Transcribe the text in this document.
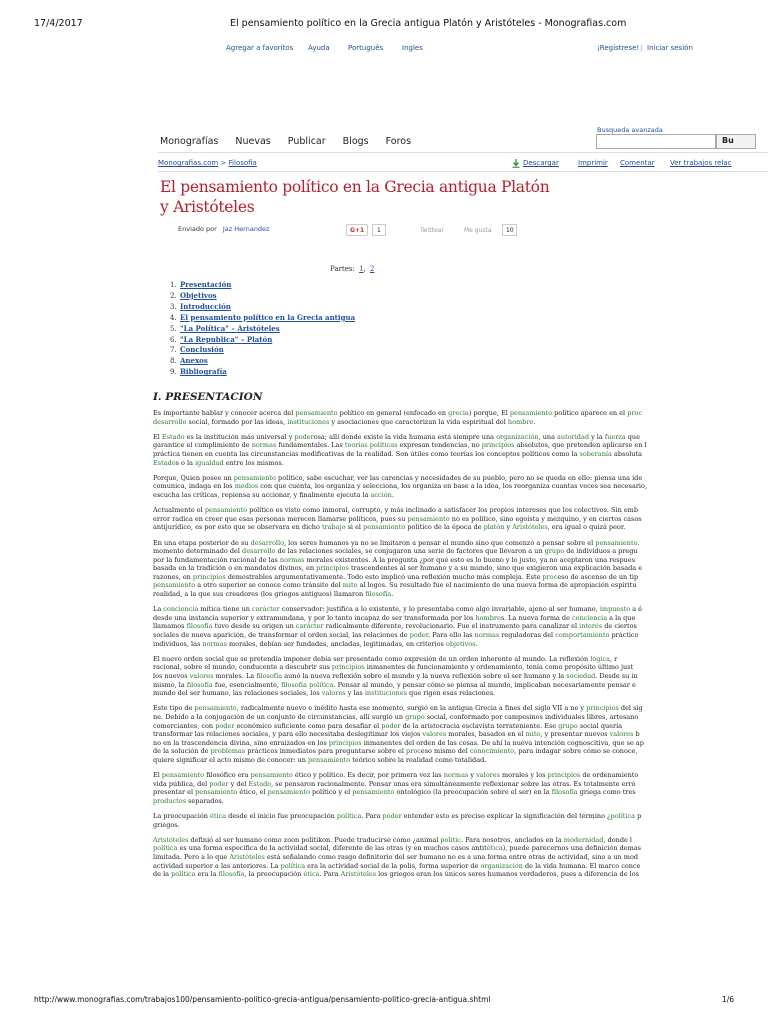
17/4/2017	El pensamiento político en la Grecia antigua Platón y Aristóteles - Monografias.com
Agregar a favoritos Ayuda	Português	Ingles	¡Regístrese! | Iniciar sesión
Monografías Nuevas Publicar Blogs Foros
Busqueda avanzada
Bu
Monografias.com > Filosofia	Descargar	Imprimir Comentar Ver trabajos relac
El pensamiento político en la Grecia antigua Platón y Aristóteles
Enviado por Jaz Hernandez	G+1	1	Twittear	Me gusta	10
Partes: 1, 2
1. Presentación
2. Objetivos
3. Introducción
4. El pensamiento político en la Grecia antigua
5. "La Política" – Aristóteles
6. "La Republica" – Platón
7. Conclusión
8. Anexos
9. Bibliografía
I. PRESENTACION

Es importante hablar y conocer acerca del pensamiento político en general (enfocado en grecia) porque, El pensamiento político aparece en el proc
desarrollo social, formado por las ideas, instituciones y asociaciones que caracterizan la vida espiritual del hombre.

El Estado es la institución más universal y poderosa; allí donde existe la vida humana está siempre una organización, una autoridad y la fuerza que
garantice el cumplimiento de normas fundamentales. Las teorías políticas expresan tendencias, no principios absolutos, que pretenden aplicarse en l
práctica tienen en cuenta las circunstancias modificativas de la realidad. Son útiles como teorías los conceptos políticos como la soberanía absoluta
Estados o la igualdad entre los mismos.

Porque, Quien posee un pensamiento político, sabe escuchar, ver las carencias y necesidades de su pueblo, pero no se queda en ello: piensa una ide
comunica, indaga en los medios con que cuenta, los organiza y selecciona, los organiza en base a la idea, los reorganiza cuantas veces sea necesario,
escucha las críticas, repiensa su accionar, y finalmente ejecuta la acción.

Actualmente el pensamiento político es visto como inmoral, corrupto, y más inclinado a satisfacer los propios intereses que los colectivos. Sin emb
error radica en creer que esas personas merecen llamarse políticos, pues su pensamiento no es político, sino egoísta y mezquino, y en ciertos casos
antijurídico, es por esto que se observara en dicho trabajo si el pensamiento político de la época de platón y Aristóteles, era igual o quizá peor.

En una etapa posterior de su desarrollo, los seres humanos ya no se limitaron a pensar el mundo sino que comenzó a pensar sobre el pensamiento.
momento determinado del desarrollo de las relaciones sociales, se conjugaron una serie de factores que llevaron a un grupo de individuos a pregu
por la fundamentación racional de las normas morales existentes. A la pregunta ¿por qué esto es lo bueno y lo justo, ya no aceptaron una respues
basada en la tradición o en mandatos divinos, en principios trascendentes al ser humano y a su mundo, sino que exigieron una explicación basada e
razones, en principios demostrables argumentativamente. Todo esto implicó una reflexión mucho más compleja. Este proceso de ascenso de un tip
pensamiento a otro superior se conoce como tránsito del mito al logos. Su resultado fue el nacimiento de una nueva forma de apropiación espiritu
realidad, a la que sus creadores (los griegos antiguos) llamaron filosofía.

La conciencia mítica tiene un carácter conservador: justifica a lo existente, y lo presentaba como algo invariable, ajeno al ser humano, impuesto a é
desde una instancia superior y extramundana, y por lo tanto incapaz de ser transformada por los hombres. La nueva forma de conciencia a la que
llamamos filosofía tuvo desde su origen un carácter radicalmente diferente, revolucionario. Fue el instrumento para canalizar el interés de ciertos
sociales de nueva aparición, de transformar el orden social, las relaciones de poder. Para ello las normas reguladoras del comportamiento práctico
individuos, las normas morales, debían ser fundadas, ancladas, legitimadas, en criterios objetivos.

El nuevo orden social que se pretendía imponer debía ser presentado como expresión de un orden inherente al mundo. La reflexión lógica, r
racional, sobre el mundo, conducente a descubrir sus principios inmanentes de funcionamiento y ordenamiento, tenía como propósito último just
los nuevos valores morales. La filosofía aunó la nueva reflexión sobre el mundo y la nueva reflexión sobre el ser humano y la sociedad. Desde su in
mismo, la filosofía fue, esencialmente, filosofía política. Pensar al mundo, y pensar cómo se piensa al mundo, implicaban necesariamente pensar e
mundo del ser humano, las relaciones sociales, los valores y las instituciones que rigen esas relaciones.

Este tipo de pensamiento, radicalmente nuevo e inédito hasta ese momento, surgió en la antigua Grecia a fines del siglo VII a ne y principios del sig
ne. Debido a la conjugación de un conjunto de circunstancias, allí surgió un grupo social, conformado por campesinos individuales libres, artesano
comerciantes, con poder económico suficiente como para desafiar el poder de la aristocracia esclavista terrateniente. Ese grupo social quería
transformar las relaciones sociales, y para ello necesitaba deslegitimar los viejos valores morales, basados en el mito, y presentar nuevos valores b
no en la trascendencia divina, sino enraizados en los principios inmanentes del orden de las cosas. De ahí la nueva intención cognoscitiva, que se ap
de la solución de problemas prácticos inmediatos para preguntarse sobre el proceso mismo del conocimiento, para indagar sobre cómo se conoce,
quiere significar el acto mismo de conocer: un pensamiento teórico sobre la realidad como totalidad.

El pensamiento filosófico era pensamiento ético y político. Es decir, por primera vez las normas y valores morales y los principios de ordenamiento
vida pública, del poder y del Estado, se pensaron racionalmente. Pensar unas era simultáneamente reflexionar sobre las otras. Es totalmente erró
presentar el pensamiento ético, el pensamiento político y el pensamiento ontológico (la preocupación sobre el ser) en la filosofía griega como tres
productos separados.

La preocupación ética desde el inicio fue preocupación política. Para poder entender esto es preciso explicar la significación del término ¿política p
griegos.

Aristóteles definió al ser humano como zoon politikon. Puede traducirse como ¿animal politic. Para nosotros, anclados en la modernidad, donde l
política es una forma específica de la actividad social, diferente de las otras (y en muchos casos antitética), puede parecernos una definición demas
limitada. Pero a lo que Aristóteles está señalando como rasgo definitorio del ser humano no es a una forma entre otras de actividad, sino a un mod
actividad superior a las anteriores. La política era la actividad social de la polis, forma superior de organización de la vida humana. El marco conce
de la política era la filosofía, la preocupación ética. Para Aristóteles los griegos eran los únicos seres humanos verdaderos, pues a diferencia de los

http://www.monografias.com/trabajos100/pensamiento-politico-grecia-antigua/pensamiento-politico-grecia-antigua.shtml	1/6
